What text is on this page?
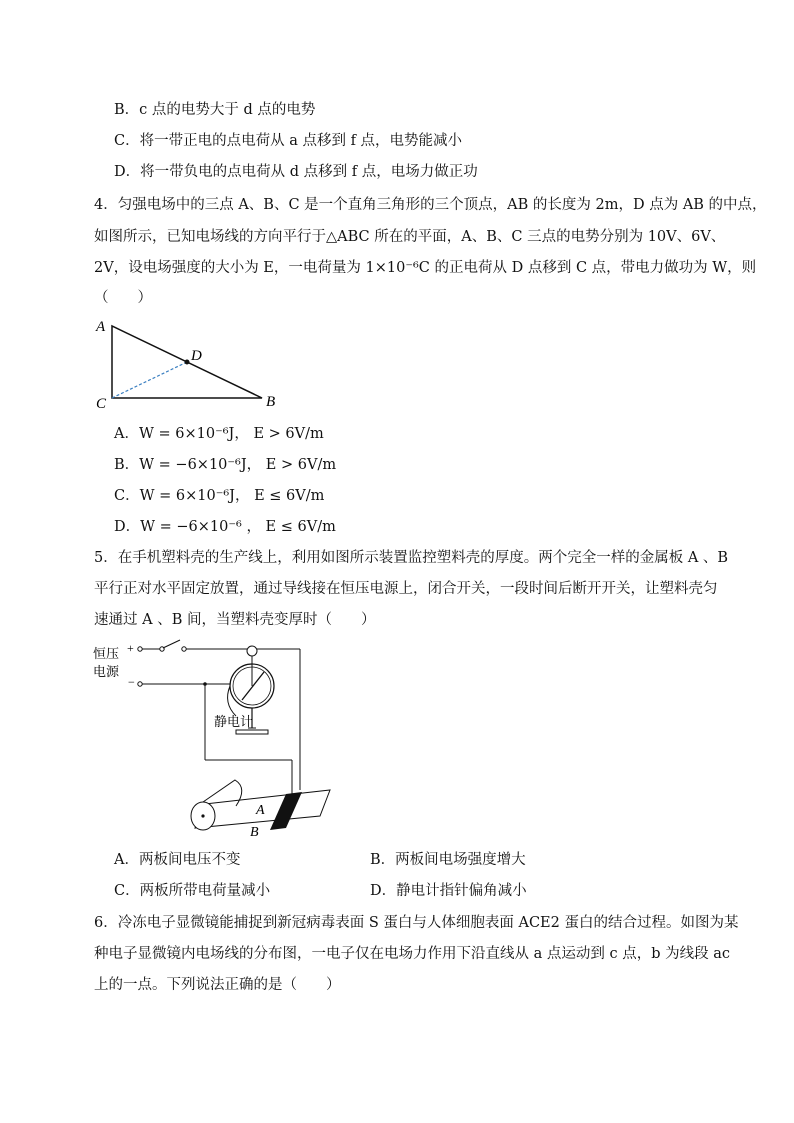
B．c 点的电势大于 d 点的电势
C．将一带正电的点电荷从 a 点移到 f 点，电势能减小
D．将一带负电的点电荷从 d 点移到 f 点，电场力做正功
4．匀强电场中的三点 A、B、C 是一个直角三角形的三个顶点，AB 的长度为 2m，D 点为 AB 的中点，
如图所示，已知电场线的方向平行于△ABC 所在的平面，A、B、C 三点的电势分别为 10V、6V、
2V，设电场强度的大小为 E，一电荷量为 1×10⁻⁶C 的正电荷从 D 点移到 C 点，带电力做功为 W，则
（　　）
A
D
C	B
A．W = 6×10⁻⁶J， E > 6V/m
B．W = −6×10⁻⁶J， E > 6V/m
C．W = 6×10⁻⁶J， E ≤ 6V/m
D．W = −6×10⁻⁶ ， E ≤ 6V/m
5．在手机塑料壳的生产线上，利用如图所示装置监控塑料壳的厚度。两个完全一样的金属板 A 、B
平行正对水平固定放置，通过导线接在恒压电源上，闭合开关，一段时间后断开开关，让塑料壳匀
速通过 A 、B 间，当塑料壳变厚时（　　）
恒压
电源
+
−
静电计
A
B
A．两板间电压不变	B．两板间电场强度增大
C．两板所带电荷量减小	D．静电计指针偏角减小
6．冷冻电子显微镜能捕捉到新冠病毒表面 S 蛋白与人体细胞表面 ACE2 蛋白的结合过程。如图为某
种电子显微镜内电场线的分布图，一电子仅在电场力作用下沿直线从 a 点运动到 c 点，b 为线段 ac
上的一点。下列说法正确的是（　　）
